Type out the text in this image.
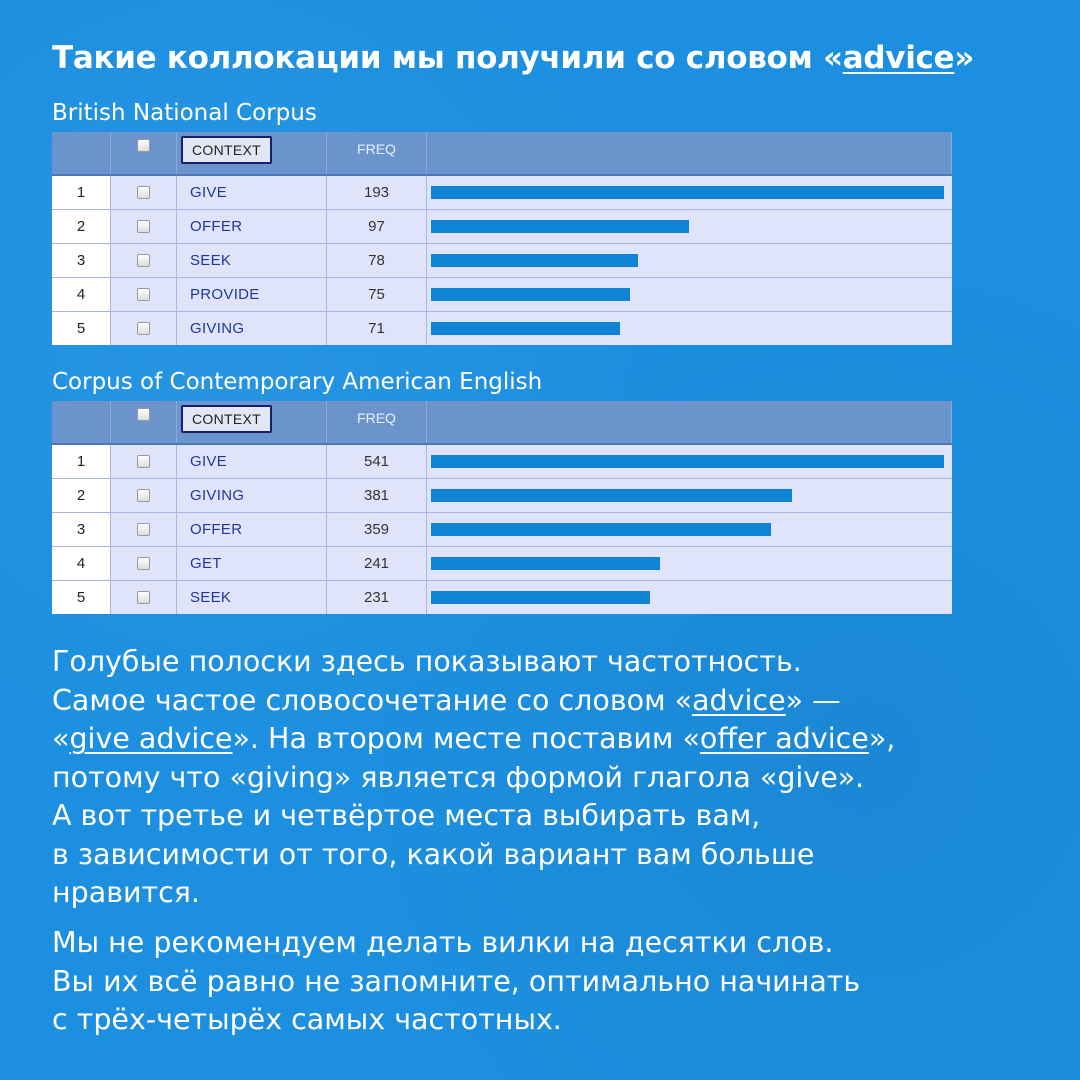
Такие коллокации мы получили со словом «advice»
British National Corpus
CONTEXT	FREQ
1	GIVE	193
2	OFFER	97
3	SEEK	78
4	PROVIDE	75
5	GIVING	71
Corpus of Contemporary American English
CONTEXT	FREQ
1	GIVE	541
2	GIVING	381
3	OFFER	359
4	GET	241
5	SEEK	231
Голубые полоски здесь показывают частотность.
Самое частое словосочетание со словом «advice» —
«give advice». На втором месте поставим «offer advice»,
потому что «giving» является формой глагола «give».
А вот третье и четвёртое места выбирать вам,
в зависимости от того, какой вариант вам больше
нравится.
Мы не рекомендуем делать вилки на десятки слов.
Вы их всё равно не запомните, оптимально начинать
с трёх-четырёх самых частотных.
